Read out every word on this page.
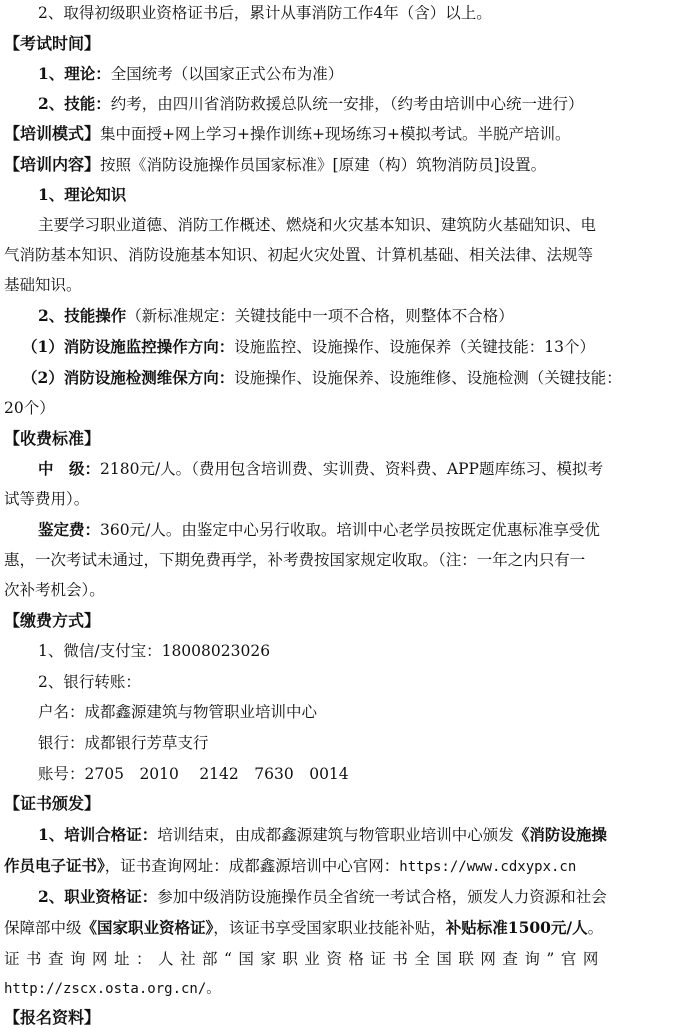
2、取得初级职业资格证书后，累计从事消防工作4年（含）以上。
【考试时间】
1、理论：全国统考（以国家正式公布为准）
2、技能：约考，由四川省消防救援总队统一安排，（约考由培训中心统一进行）
【培训模式】集中面授+网上学习+操作训练+现场练习+模拟考试。半脱产培训。
【培训内容】按照《消防设施操作员国家标准》[原建（构）筑物消防员]设置。
1、理论知识
主要学习职业道德、消防工作概述、燃烧和火灾基本知识、建筑防火基础知识、电
气消防基本知识、消防设施基本知识、初起火灾处置、计算机基础、相关法律、法规等
基础知识。
2、技能操作（新标准规定：关键技能中一项不合格，则整体不合格）
（1）消防设施监控操作方向：设施监控、设施操作、设施保养（关键技能：13个）
（2）消防设施检测维保方向：设施操作、设施保养、设施维修、设施检测（关键技能：
20个）
【收费标准】
中　级：2180元/人。（费用包含培训费、实训费、资料费、APP题库练习、模拟考
试等费用）。
鉴定费：360元/人。由鉴定中心另行收取。培训中心老学员按既定优惠标准享受优
惠，一次考试未通过，下期免费再学，补考费按国家规定收取。（注：一年之内只有一
次补考机会）。
【缴费方式】
1、微信/支付宝：18008023026
2、银行转账：
户名：成都鑫源建筑与物管职业培训中心
银行：成都银行芳草支行
账号：2705　2010　 2142　7630　0014
【证书颁发】
1、培训合格证：培训结束，由成都鑫源建筑与物管职业培训中心颁发《消防设施操
作员电子证书》，证书查询网址：成都鑫源培训中心官网：https://www.cdxypx.cn
2、职业资格证：参加中级消防设施操作员全省统一考试合格，颁发人力资源和社会
保障部中级《国家职业资格证》，该证书享受国家职业技能补贴，补贴标准1500元/人。
证书查询网址：人社部“国家职业资格证书全国联网查询”官网
http://zscx.osta.org.cn/。
【报名资料】
